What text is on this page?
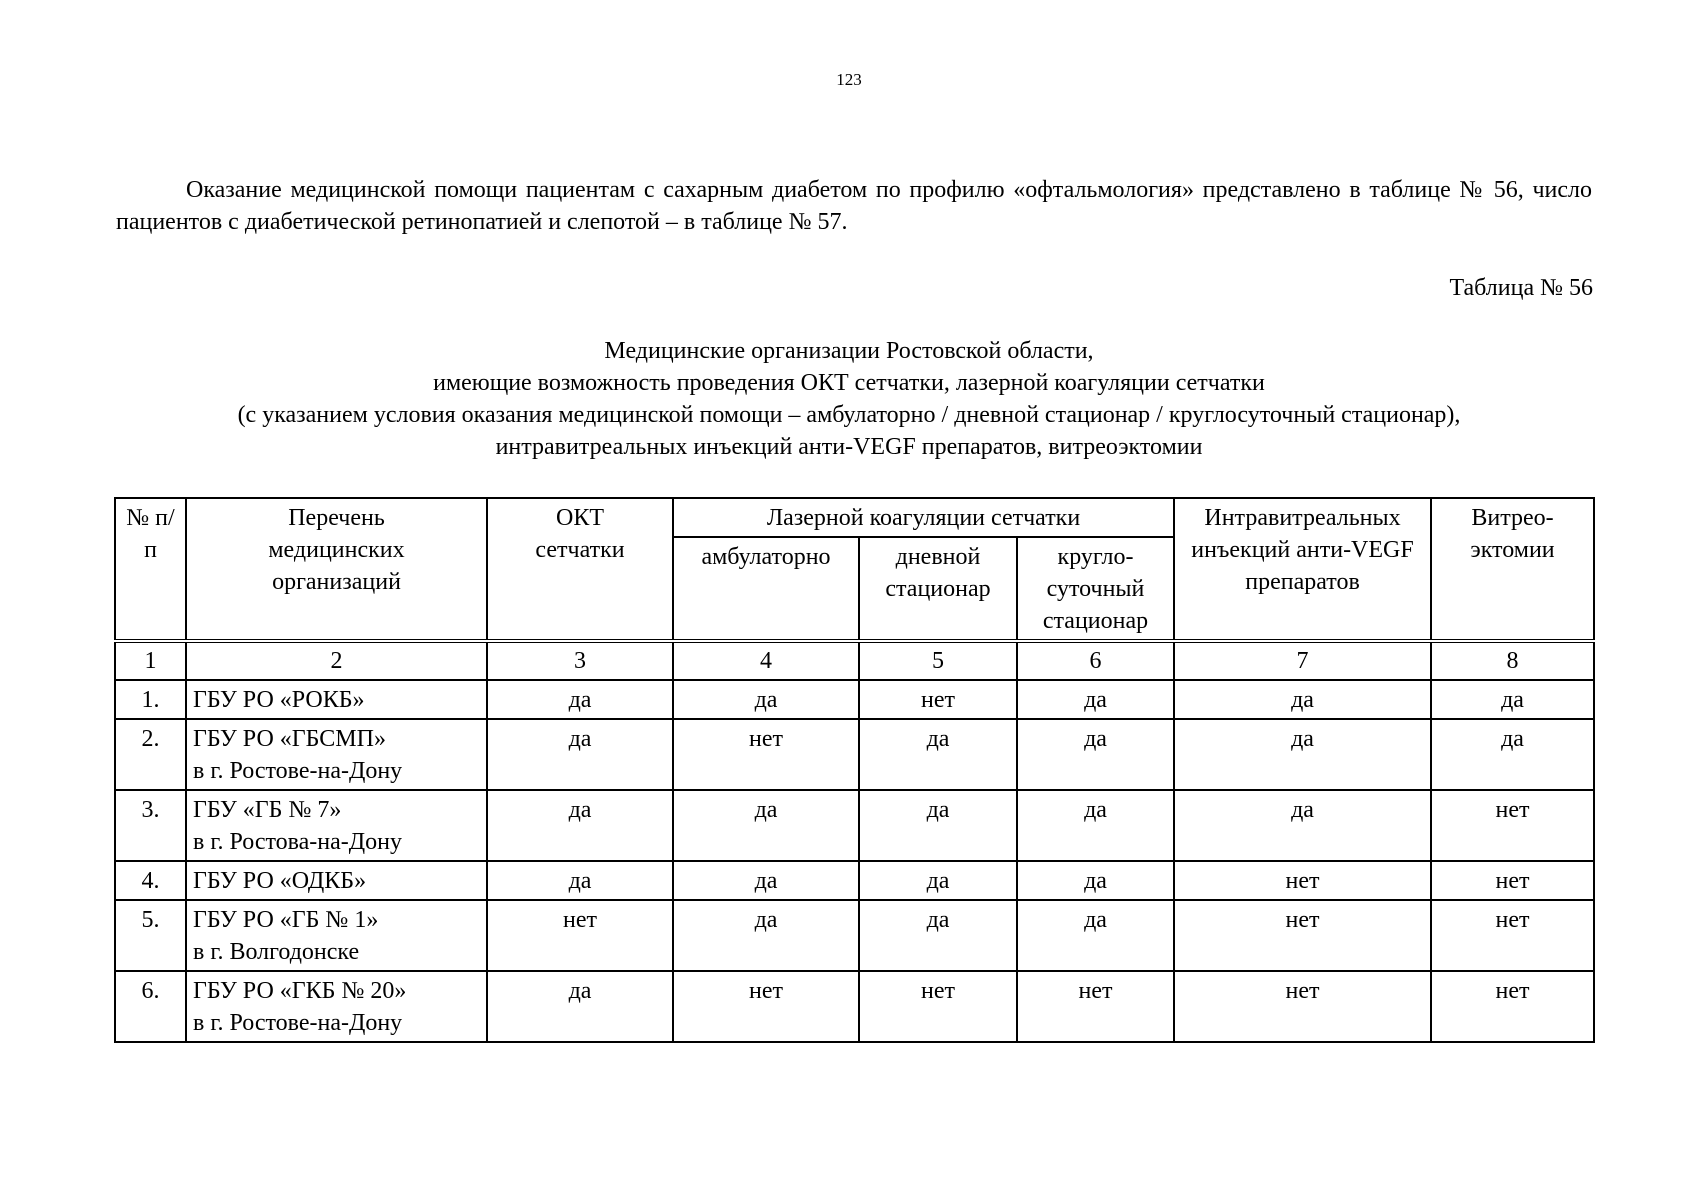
123

Оказание медицинской помощи пациентам с сахарным диабетом по профилю «офтальмология» представлено в таблице № 56, число пациентов с диабетической ретинопатией и слепотой – в таблице № 57.

Таблица № 56
Медицинские организации Ростовской области,
имеющие возможность проведения ОКТ сетчатки, лазерной коагуляции сетчатки
(с указанием условия оказания медицинской помощи – амбулаторно / дневной стационар / круглосуточный стационар),
интравитреальных инъекций анти-VEGF препаратов, витреоэктомии
№ п/п	Перечень медицинских организаций	ОКТ сетчатки	Лазерной коагуляции сетчатки			Интравитреальных инъекций анти-VEGF препаратов	Витрео-эктомии

			амбулаторно	дневной стационар	кругло-суточный стационар		

1	2	3	4	5	6	7	8
1.	ГБУ РО «РОКБ»	да	да	нет	да	да	да
2.	ГБУ РО «ГБСМП»
в г. Ростове-на-Дону	да	нет	да	да	да	да
3.	ГБУ «ГБ № 7»
в г. Ростова-на-Дону	да	да	да	да	да	нет
4.	ГБУ РО «ОДКБ»	да	да	да	да	нет	нет
5.	ГБУ РО «ГБ № 1»
в г. Волгодонске	нет	да	да	да	нет	нет
6.	ГБУ РО «ГКБ № 20»
в г. Ростове-на-Дону	да	нет	нет	нет	нет	нет
